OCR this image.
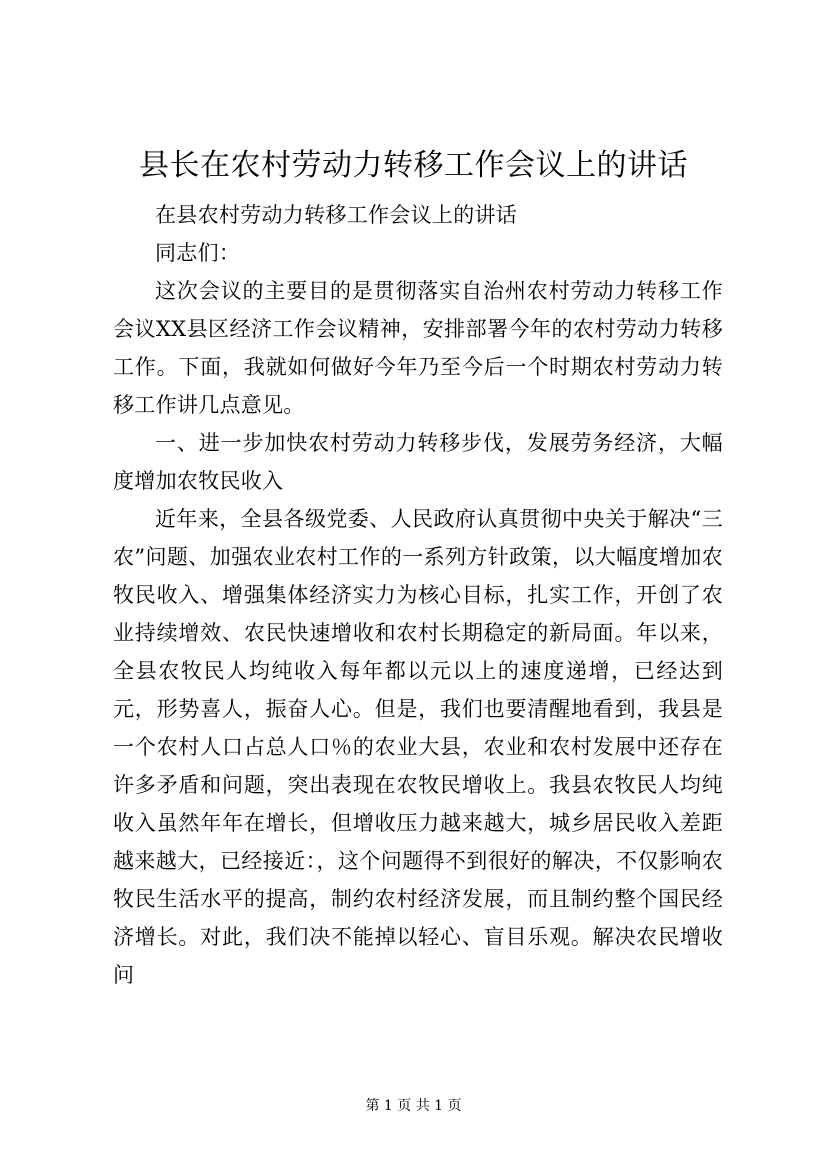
县长在农村劳动力转移工作会议上的讲话

在县农村劳动力转移工作会议上的讲话

同志们：

这次会议的主要目的是贯彻落实自治州农村劳动力转移工作会议XX县区经济工作会议精神，安排部署今年的农村劳动力转移工作。下面，我就如何做好今年乃至今后一个时期农村劳动力转移工作讲几点意见。

一、进一步加快农村劳动力转移步伐，发展劳务经济，大幅度增加农牧民收入

近年来，全县各级党委、人民政府认真贯彻中央关于解决“三农”问题、加强农业农村工作的一系列方针政策，以大幅度增加农牧民收入、增强集体经济实力为核心目标，扎实工作，开创了农业持续增效、农民快速增收和农村长期稳定的新局面。年以来，全县农牧民人均纯收入每年都以元以上的速度递增，已经达到元，形势喜人，振奋人心。但是，我们也要清醒地看到，我县是一个农村人口占总人口％的农业大县，农业和农村发展中还存在许多矛盾和问题，突出表现在农牧民增收上。我县农牧民人均纯收入虽然年年在增长，但增收压力越来越大，城乡居民收入差距越来越大，已经接近：，这个问题得不到很好的解决，不仅影响农牧民生活水平的提高，制约农村经济发展，而且制约整个国民经济增长。对此，我们决不能掉以轻心、盲目乐观。解决农民增收问

第 1 页 共 1 页
